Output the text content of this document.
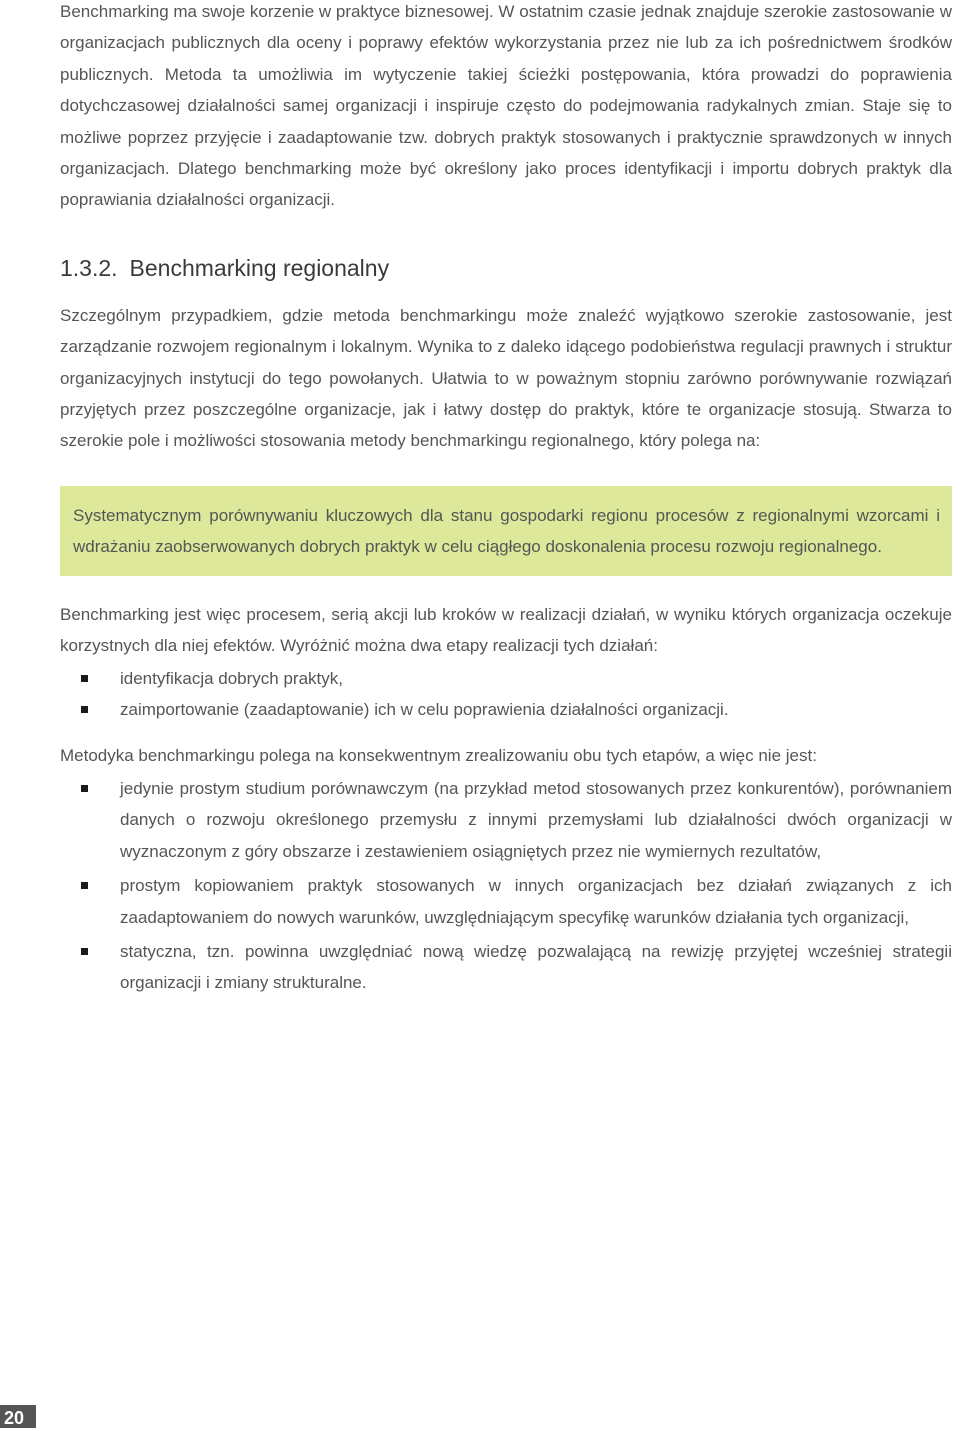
Benchmarking ma swoje korzenie w praktyce biznesowej. W ostatnim czasie jednak znajduje szerokie zastosowanie w organizacjach publicznych dla oceny i poprawy efektów wykorzystania przez nie lub za ich pośrednictwem środków publicznych. Metoda ta umożliwia im wytyczenie takiej ścieżki postępowania, która prowadzi do poprawienia dotychczasowej działalności samej organizacji i inspiruje często do podejmowania radykalnych zmian. Staje się to możliwe poprzez przyjęcie i zaadaptowanie tzw. dobrych praktyk stosowanych i praktycznie sprawdzonych w innych organizacjach. Dlatego benchmarking może być określony jako proces identyfikacji i importu dobrych praktyk dla poprawiania działalności organizacji.

1.3.2. Benchmarking regionalny

Szczególnym przypadkiem, gdzie metoda benchmarkingu może znaleźć wyjątkowo szerokie zastosowanie, jest zarządzanie rozwojem regionalnym i lokalnym. Wynika to z daleko idącego podobieństwa regulacji prawnych i struktur organizacyjnych instytucji do tego powołanych. Ułatwia to w poważnym stopniu zarówno porównywanie rozwiązań przyjętych przez poszczególne organizacje, jak i łatwy dostęp do praktyk, które te organizacje stosują. Stwarza to szerokie pole i możliwości stosowania metody benchmarkingu regionalnego, który polega na:

Systematycznym porównywaniu kluczowych dla stanu gospodarki regionu procesów z regionalnymi wzorcami i wdrażaniu zaobserwowanych dobrych praktyk w celu ciągłego doskonalenia procesu rozwoju regionalnego.

Benchmarking jest więc procesem, serią akcji lub kroków w realizacji działań, w wyniku których organizacja oczekuje korzystnych dla niej efektów. Wyróżnić można dwa etapy realizacji tych działań:

identyfikacja dobrych praktyk,
zaimportowanie (zaadaptowanie) ich w celu poprawienia działalności organizacji.

Metodyka benchmarkingu polega na konsekwentnym zrealizowaniu obu tych etapów, a więc nie jest:

jedynie prostym studium porównawczym (na przykład metod stosowanych przez konkurentów), porównaniem danych o rozwoju określonego przemysłu z innymi przemysłami lub działalności dwóch organizacji w wyznaczonym z góry obszarze i zestawieniem osiągniętych przez nie wymiernych rezultatów,
prostym kopiowaniem praktyk stosowanych w innych organizacjach bez działań związanych z ich zaadaptowaniem do nowych warunków, uwzględniającym specyfikę warunków działania tych organizacji,
statyczna, tzn. powinna uwzględniać nową wiedzę pozwalającą na rewizję przyjętej wcześniej strategii organizacji i zmiany strukturalne.
20
